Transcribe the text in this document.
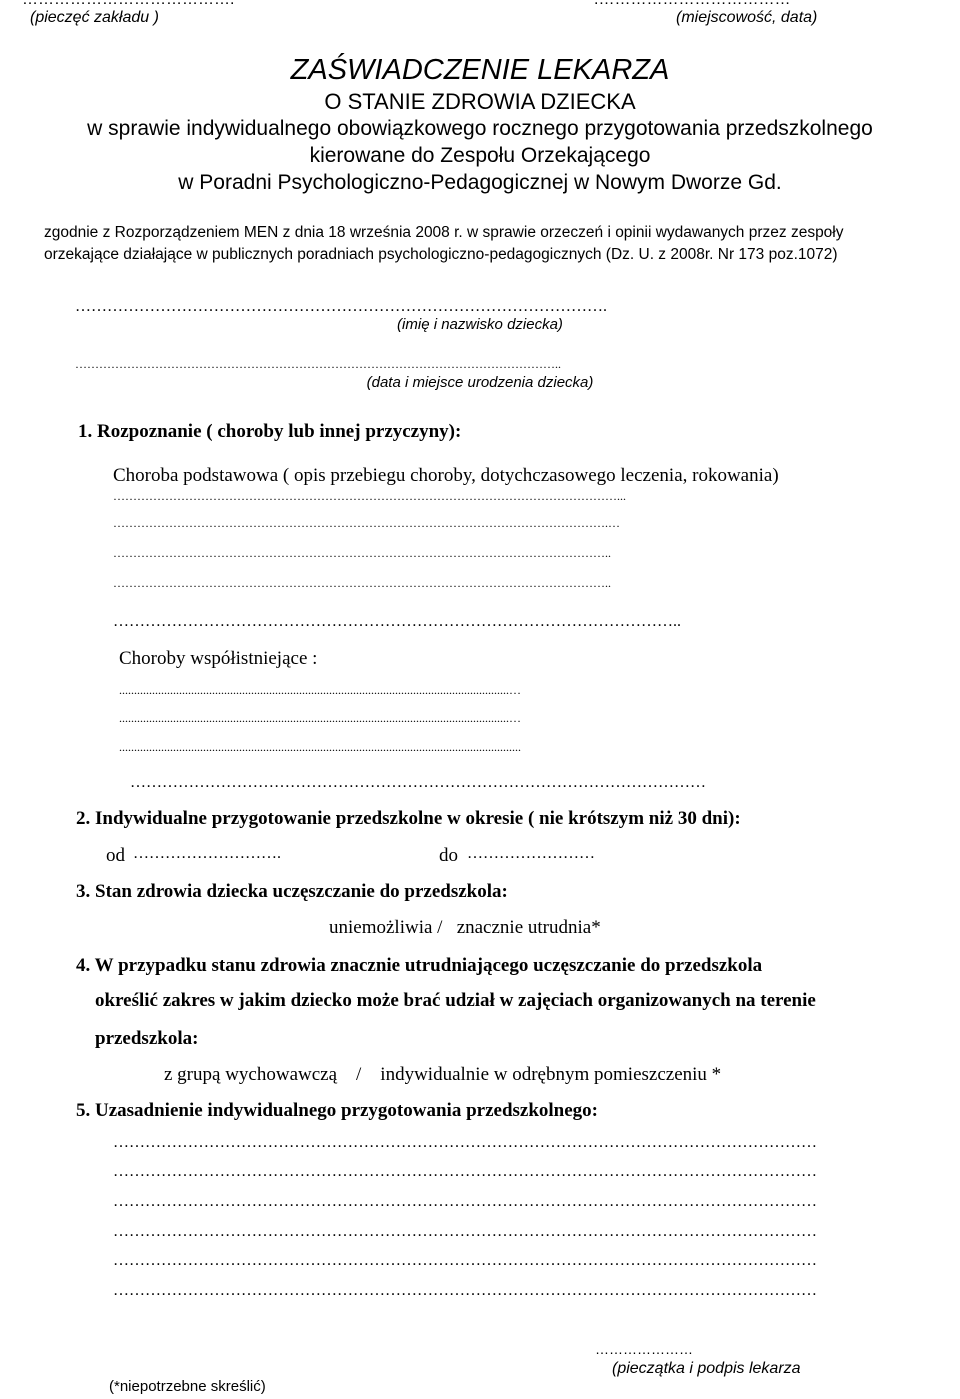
(pieczęć zakładu )	(miejscowość, data)
ZAŚWIADCZENIE LEKARZA
O STANIE ZDROWIA DZIECKA
w sprawie indywidualnego obowiązkowego rocznego przygotowania przedszkolnego
kierowane do Zespołu Orzekającego
w Poradni Psychologiczno-Pedagogicznej w Nowym Dworze Gd.
zgodnie z Rozporządzeniem MEN z dnia 18 września 2008 r. w sprawie orzeczeń i opinii wydawanych przez zespoły
orzekające działające w publicznych poradniach psychologiczno-pedagogicznych (Dz. U. z 2008r. Nr 173 poz.1072)
……………………………………………………………………………………….
(imię i nazwisko dziecka)
…………………………………………………………………………………………………………..
(data i miejsce urodzenia dziecka)
1. Rozpoznanie ( choroby lub innej przyczyny):
Choroba podstawowa ( opis przebiegu choroby, dotychczasowego leczenia, rokowania)
………………………………………………………………………………………………………………...
…………………………………………………………………………………………………………….…
……………………………………………………………………………………………………………..
……………………………………………………………………………………………………………..
……………………………………………………………………………………………..
Choroby współistniejące :
..................................................................................................................................…
..................................................................................................................................…
......................................................................................................................................
………………………………………………………………………………………………
2. Indywidualne przygotowanie przedszkolne w okresie ( nie krótszym niż 30 dni):
od ……………………….	do ……………………
3. Stan zdrowia dziecka uczęszczanie do przedszkola:
uniemożliwia /   znacznie utrudnia*
4. W przypadku stanu zdrowia znacznie utrudniającego uczęszczanie do przedszkola
określić zakres w jakim dziecko może brać udział w zajęciach organizowanych na terenie
przedszkola:
z grupą wychowawczą    /    indywidualnie w odrębnym pomieszczeniu *
5. Uzasadnienie indywidualnego przygotowania przedszkolnego:
……………………………………………………………………………………………………………………
……………………………………………………………………………………………………………………
……………………………………………………………………………………………………………………
……………………………………………………………………………………………………………………
……………………………………………………………………………………………………………………
……………………………………………………………………………………………………………………
…………………
(pieczątka i podpis lekarza
(*niepotrzebne skreślić)
